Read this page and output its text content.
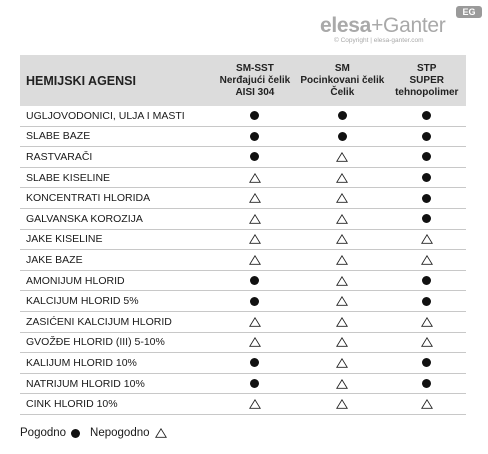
EG
elesa+Ganter
© Copyright | elesa-ganter.com
HEMIJSKI AGENSI
SM-SST
Nerđajući čelik
AISI 304
SM
Pocinkovani čelik
Čelik
STP
SUPER
tehnopolimer
UGLJOVODONICI, ULJA I MASTI
SLABE BAZE
RASTVARAČI
SLABE KISELINE
KONCENTRATI HLORIDA
GALVANSKA KOROZIJA
JAKE KISELINE
JAKE BAZE
AMONIJUM HLORID
KALCIJUM HLORID 5%
ZASIĆENI KALCIJUM HLORID
GVOŽĐE HLORID (III) 5-10%
KALIJUM HLORID 10%
NATRIJUM HLORID 10%
CINK HLORID 10%
Pogodno Nepogodno
